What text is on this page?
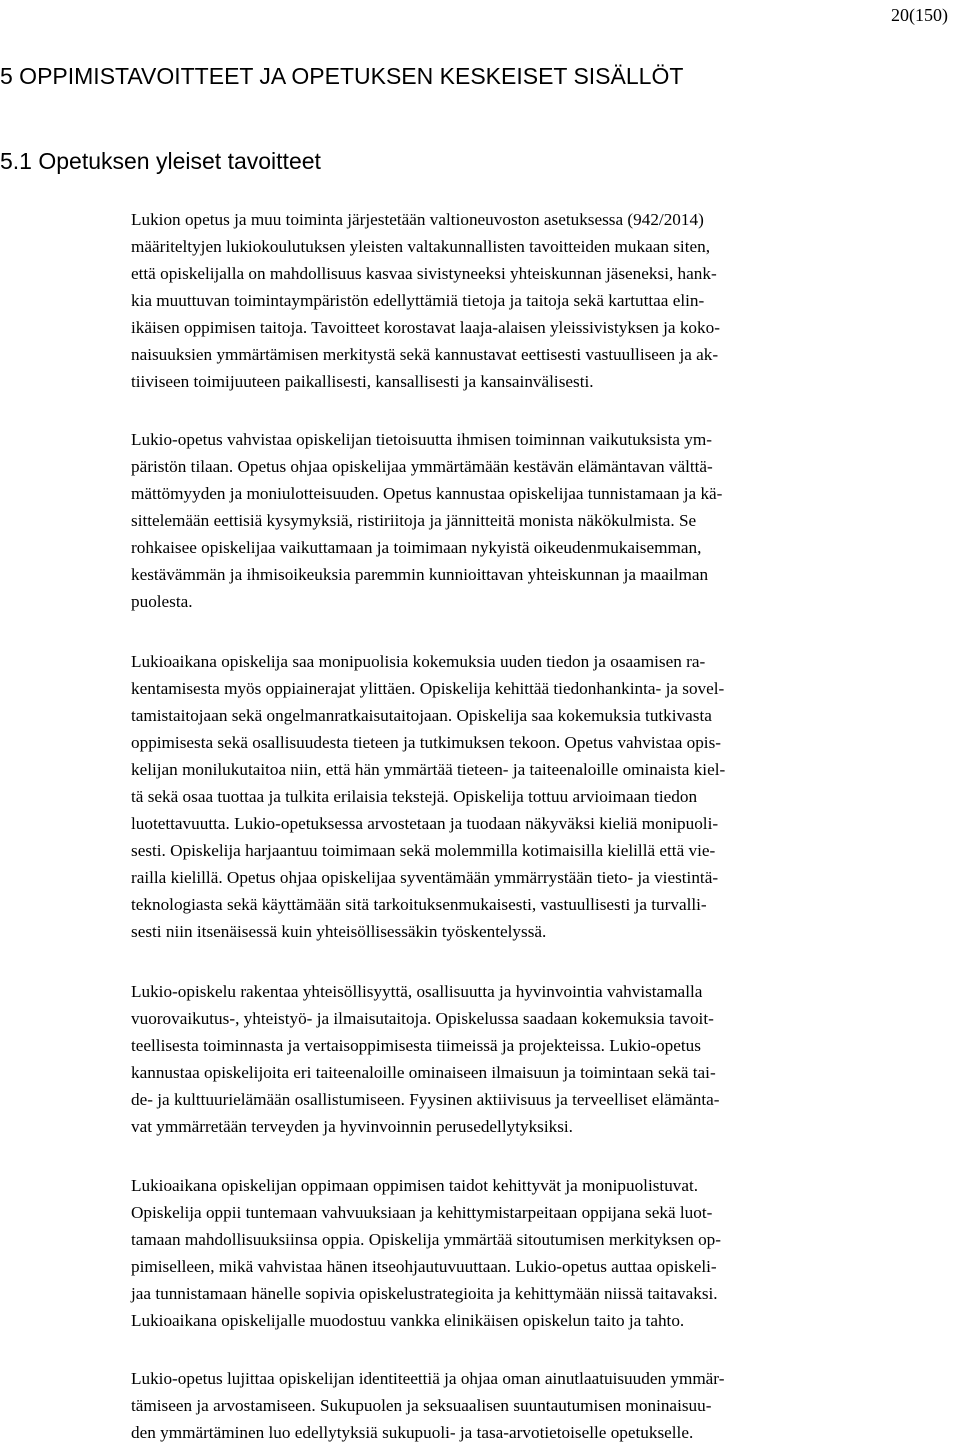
20(150)
5 OPPIMISTAVOITTEET JA OPETUKSEN KESKEISET SISÄLLÖT
5.1 Opetuksen yleiset tavoitteet
Lukion opetus ja muu toiminta järjestetään valtioneuvoston asetuksessa (942/2014)
määriteltyjen lukiokoulutuksen yleisten valtakunnallisten tavoitteiden mukaan siten,
että opiskelijalla on mahdollisuus kasvaa sivistyneeksi yhteiskunnan jäseneksi, hank-
kia muuttuvan toimintaympäristön edellyttämiä tietoja ja taitoja sekä kartuttaa elin-
ikäisen oppimisen taitoja. Tavoitteet korostavat laaja-alaisen yleissivistyksen ja koko-
naisuuksien ymmärtämisen merkitystä sekä kannustavat eettisesti vastuulliseen ja ak-
tiiviseen toimijuuteen paikallisesti, kansallisesti ja kansainvälisesti.
Lukio-opetus vahvistaa opiskelijan tietoisuutta ihmisen toiminnan vaikutuksista ym-
päristön tilaan. Opetus ohjaa opiskelijaa ymmärtämään kestävän elämäntavan välttä-
mättömyyden ja moniulotteisuuden. Opetus kannustaa opiskelijaa tunnistamaan ja kä-
sittelemään eettisiä kysymyksiä, ristiriitoja ja jännitteitä monista näkökulmista. Se
rohkaisee opiskelijaa vaikuttamaan ja toimimaan nykyistä oikeudenmukaisemman,
kestävämmän ja ihmisoikeuksia paremmin kunnioittavan yhteiskunnan ja maailman
puolesta.
Lukioaikana opiskelija saa monipuolisia kokemuksia uuden tiedon ja osaamisen ra-
kentamisesta myös oppiainerajat ylittäen. Opiskelija kehittää tiedonhankinta- ja sovel-
tamistaitojaan sekä ongelmanratkaisutaitojaan. Opiskelija saa kokemuksia tutkivasta
oppimisesta sekä osallisuudesta tieteen ja tutkimuksen tekoon. Opetus vahvistaa opis-
kelijan monilukutaitoa niin, että hän ymmärtää tieteen- ja taiteenaloille ominaista kiel-
tä sekä osaa tuottaa ja tulkita erilaisia tekstejä. Opiskelija tottuu arvioimaan tiedon
luotettavuutta. Lukio-opetuksessa arvostetaan ja tuodaan näkyväksi kieliä monipuoli-
sesti. Opiskelija harjaantuu toimimaan sekä molemmilla kotimaisilla kielillä että vie-
railla kielillä. Opetus ohjaa opiskelijaa syventämään ymmärrystään tieto- ja viestintä-
teknologiasta sekä käyttämään sitä tarkoituksenmukaisesti, vastuullisesti ja turvalli-
sesti niin itsenäisessä kuin yhteisöllisessäkin työskentelyssä.
Lukio-opiskelu rakentaa yhteisöllisyyttä, osallisuutta ja hyvinvointia vahvistamalla
vuorovaikutus-, yhteistyö- ja ilmaisutaitoja. Opiskelussa saadaan kokemuksia tavoit-
teellisesta toiminnasta ja vertaisoppimisesta tiimeissä ja projekteissa. Lukio-opetus
kannustaa opiskelijoita eri taiteenaloille ominaiseen ilmaisuun ja toimintaan sekä tai-
de- ja kulttuurielämään osallistumiseen. Fyysinen aktiivisuus ja terveelliset elämänta-
vat ymmärretään terveyden ja hyvinvoinnin perusedellytyksiksi.
Lukioaikana opiskelijan oppimaan oppimisen taidot kehittyvät ja monipuolistuvat.
Opiskelija oppii tuntemaan vahvuuksiaan ja kehittymistarpeitaan oppijana sekä luot-
tamaan mahdollisuuksiinsa oppia. Opiskelija ymmärtää sitoutumisen merkityksen op-
pimiselleen, mikä vahvistaa hänen itseohjautuvuuttaan. Lukio-opetus auttaa opiskeli-
jaa tunnistamaan hänelle sopivia opiskelustrategioita ja kehittymään niissä taitavaksi.
Lukioaikana opiskelijalle muodostuu vankka elinikäisen opiskelun taito ja tahto.
Lukio-opetus lujittaa opiskelijan identiteettiä ja ohjaa oman ainutlaatuisuuden ymmär-
tämiseen ja arvostamiseen. Sukupuolen ja seksuaalisen suuntautumisen moninaisuu-
den ymmärtäminen luo edellytyksiä sukupuoli- ja tasa-arvotietoiselle opetukselle.
